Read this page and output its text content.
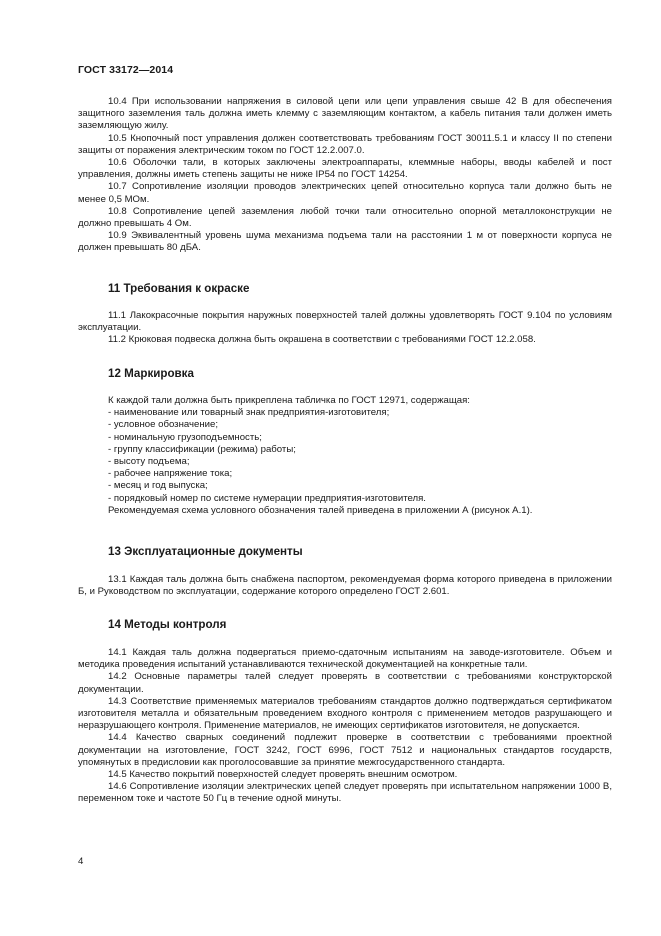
ГОСТ 33172—2014

10.4 При использовании напряжения в силовой цепи или цепи управления свыше 42 В для обеспечения защитного заземления таль должна иметь клемму с заземляющим контактом, а кабель питания тали должен иметь заземляющую жилу.

10.5 Кнопочный пост управления должен соответствовать требованиям ГОСТ 30011.5.1 и классу II по степени защиты от поражения электрическим током по ГОСТ 12.2.007.0.

10.6 Оболочки тали, в которых заключены электроаппараты, клеммные наборы, вводы кабелей и пост управления, должны иметь степень защиты не ниже IP54 по ГОСТ 14254.

10.7 Сопротивление изоляции проводов электрических цепей относительно корпуса тали должно быть не менее 0,5 МОм.

10.8 Сопротивление цепей заземления любой точки тали относительно опорной металлоконструкции не должно превышать 4 Ом.

10.9 Эквивалентный уровень шума механизма подъема тали на расстоянии 1 м от поверхности корпуса не должен превышать 80 дБА.

11 Требования к окраске

11.1 Лакокрасочные покрытия наружных поверхностей талей должны удовлетворять ГОСТ 9.104 по условиям эксплуатации.

11.2 Крюковая подвеска должна быть окрашена в соответствии с требованиями ГОСТ 12.2.058.

12 Маркировка

К каждой тали должна быть прикреплена табличка по ГОСТ 12971, содержащая:

- наименование или товарный знак предприятия-изготовителя;

- условное обозначение;

- номинальную грузоподъемность;

- группу классификации (режима) работы;

- высоту подъема;

- рабочее напряжение тока;

- месяц и год выпуска;

- порядковый номер по системе нумерации предприятия-изготовителя.

Рекомендуемая схема условного обозначения талей приведена в приложении А (рисунок А.1).

13 Эксплуатационные документы

13.1 Каждая таль должна быть снабжена паспортом, рекомендуемая форма которого приведена в приложении Б, и Руководством по эксплуатации, содержание которого определено ГОСТ 2.601.

14 Методы контроля

14.1 Каждая таль должна подвергаться приемо-сдаточным испытаниям на заводе-изготовителе. Объем и методика проведения испытаний устанавливаются технической документацией на конкретные тали.

14.2 Основные параметры талей следует проверять в соответствии с требованиями конструкторской документации.

14.3 Соответствие применяемых материалов требованиям стандартов должно подтверждаться сертификатом изготовителя металла и обязательным проведением входного контроля с применением методов разрушающего и неразрушающего контроля. Применение материалов, не имеющих сертификатов изготовителя, не допускается.

14.4 Качество сварных соединений подлежит проверке в соответствии с требованиями проектной документации на изготовление, ГОСТ 3242, ГОСТ 6996, ГОСТ 7512 и национальных стандартов государств, упомянутых в предисловии как проголосовавшие за принятие межгосударственного стандарта.

14.5 Качество покрытий поверхностей следует проверять внешним осмотром.

14.6 Сопротивление изоляции электрических цепей следует проверять при испытательном напряжении 1000 В, переменном токе и частоте 50 Гц в течение одной минуты.

4
